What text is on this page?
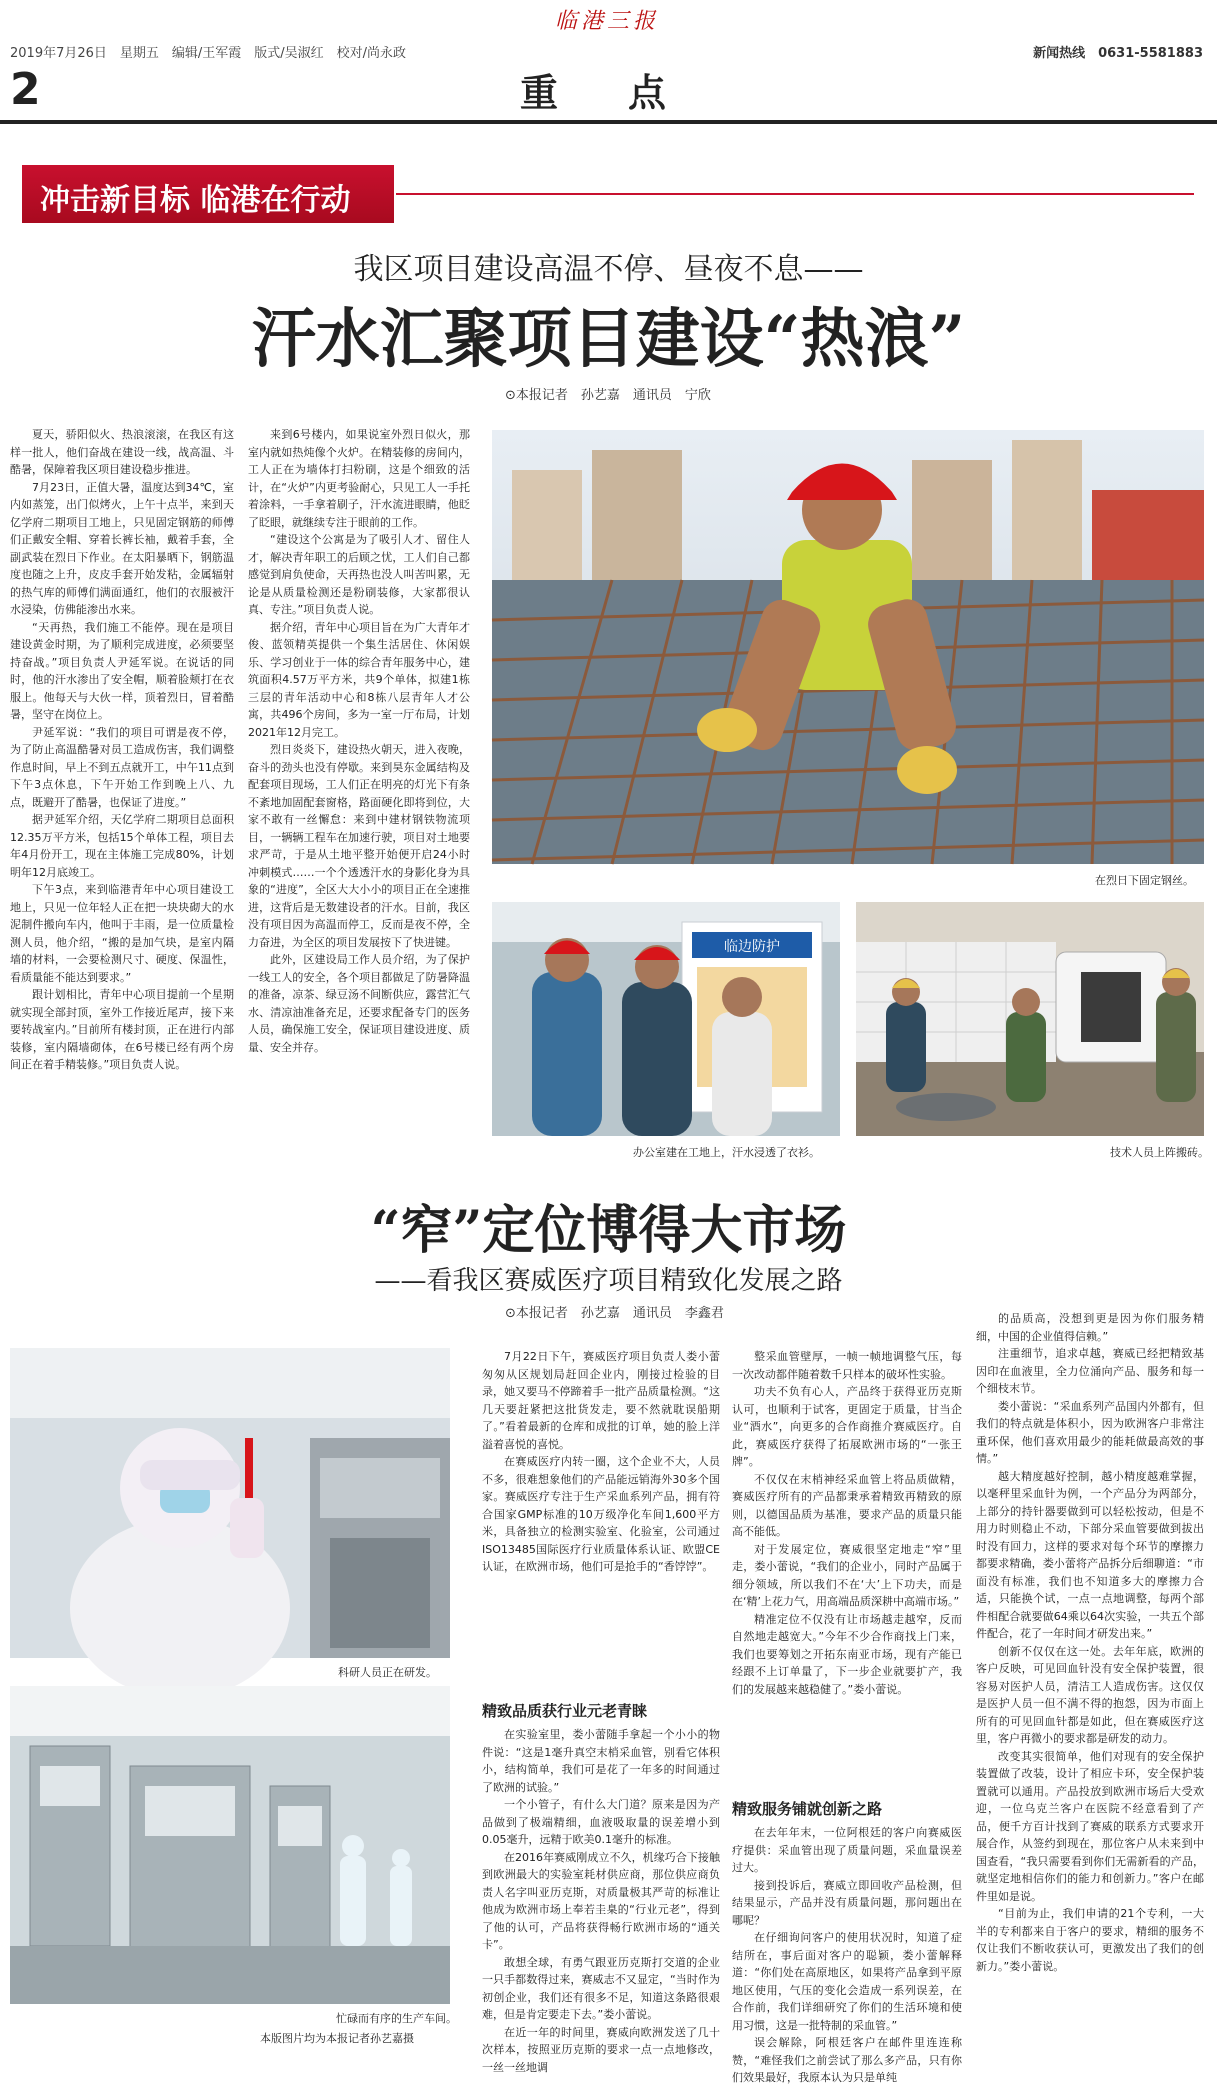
临港三报
2019年7月26日　星期五　编辑/王军霞　版式/吴淑红　校对/尚永政	新闻热线　0631-5581883
2	重点
冲击新目标 临港在行动
我区项目建设高温不停、昼夜不息——
汗水汇聚项目建设“热浪”
⊙本报记者　孙艺嘉　通讯员　宁欣

夏天，骄阳似火、热浪滚滚，在我区有这样一批人，他们奋战在建设一线，战高温、斗酷暑，保障着我区项目建设稳步推进。

7月23日，正值大暑，温度达到34℃，室内如蒸笼，出门似烤火，上午十点半，来到天亿学府二期项目工地上，只见固定钢筋的师傅们正戴安全帽、穿着长裤长袖，戴着手套，全副武装在烈日下作业。在太阳暴晒下，钢筋温度也随之上升，皮皮手套开始发粘，金属辐射的热气库的师傅们满面通红，他们的衣服被汗水浸染，仿佛能渗出水来。

“天再热，我们施工不能停。现在是项目建设黄金时期，为了顺利完成进度，必须要坚持奋战。”项目负责人尹延军说。在说话的同时，他的汗水渗出了安全帽，顺着脸颊打在衣服上。他每天与大伙一样，顶着烈日，冒着酷暑，坚守在岗位上。

尹延军说：“我们的项目可谓是夜不停，为了防止高温酷暑对员工造成伤害，我们调整作息时间，早上不到五点就开工，中午11点到下午3点休息，下午开始工作到晚上八、九点，既避开了酷暑，也保证了进度。”

据尹延军介绍，天亿学府二期项目总面积12.35万平方米，包括15个单体工程，项目去年4月份开工，现在主体施工完成80%，计划明年12月底竣工。

下午3点，来到临港青年中心项目建设工地上，只见一位年轻人正在把一块块砌大的水泥制件搬向车内，他叫于丰雨，是一位质量检测人员，他介绍，“搬的是加气块，是室内隔墙的材料，一会要检测尺寸、硬度、保温性，看质量能不能达到要求。”

跟计划相比，青年中心项目提前一个星期就实现全部封顶，室外工作接近尾声，接下来要转战室内。”目前所有楼封顶，正在进行内部装修，室内隔墙砌体，在6号楼已经有两个房间正在着手精装修。”项目负责人说。

来到6号楼内，如果说室外烈日似火，那室内就如热炖像个火炉。在精装修的房间内，工人正在为墙体打扫粉刷，这是个细致的活计，在“火炉”内更考验耐心，只见工人一手托着涂料，一手拿着刷子，汗水流进眼睛，他眨了眨眼，就继续专注于眼前的工作。

“建设这个公寓是为了吸引人才、留住人才，解决青年职工的后顾之忧，工人们自己都感觉到肩负使命，天再热也没人叫苦叫累，无论是从质量检测还是粉刷装修，大家都很认真、专注。”项目负责人说。

据介绍，青年中心项目旨在为广大青年才俊、蓝领精英提供一个集生活居住、休闲娱乐、学习创业于一体的综合青年服务中心，建筑面积4.57万平方米，共9个单体，拟建1栋三层的青年活动中心和8栋八层青年人才公寓，共496个房间，多为一室一厅布局，计划2021年12月完工。

烈日炎炎下，建设热火朝天，进入夜晚，奋斗的劲头也没有停歇。来到昊东金属结构及配套项目现场，工人们正在明亮的灯光下有条不紊地加固配套窗格，路面硬化即将到位，大家不敢有一丝懈怠：来到中建材钢铁物流项目，一辆辆工程车在加速行驶，项目对土地要求严苛，于是从土地平整开始便开启24小时冲刺模式……一个个透透汗水的身影化身为具象的“进度”，全区大大小小的项目正在全速推进，这背后是无数建设者的汗水。目前，我区没有项目因为高温而停工，反而是夜不停，全力奋进，为全区的项目发展按下了快进键。

此外，区建设局工作人员介绍，为了保护一线工人的安全，各个项目都做足了防暑降温的准备，凉茶、绿豆汤不间断供应，露营汇气水、清凉油准备充足，还要求配备专门的医务人员，确保施工安全，保证项目建设进度、质量、安全并存。

在烈日下固定钢丝。
临边防护
办公室建在工地上，汗水浸透了衣衫。	技术人员上阵搬砖。
“窄”定位博得大市场
——看我区赛威医疗项目精致化发展之路
⊙本报记者　孙艺嘉　通讯员　李鑫君
科研人员正在研发。
忙碌而有序的生产车间。
本版图片均为本报记者孙艺嘉摄

7月22日下午，赛威医疗项目负责人娄小蕾匆匆从区规划局赶回企业内，刚接过检验的目录，她又要马不停蹄着手一批产品质量检测。“这几天要赶紧把这批货发走，要不然就耽误船期了。”看着最新的仓库和成批的订单，她的脸上洋溢着喜悦的喜悦。

在赛威医疗内转一圈，这个企业不大，人员不多，很难想象他们的产品能远销海外30多个国家。赛威医疗专注于生产采血系列产品，拥有符合国家GMP标准的10万级净化车间1,600平方米，具备独立的检测实验室、化验室，公司通过ISO13485国际医疗行业质量体系认证、欧盟CE认证，在欧洲市场，他们可是抢手的“香饽饽”。

精致品质获行业元老青睐

在实验室里，娄小蕾随手拿起一个小小的物件说：“这是1毫升真空末梢采血管，别看它体积小，结构简单，我们可是花了一年多的时间通过了欧洲的试验。”

一个小管子，有什么大门道？原来是因为产品做到了极端精细，血液吸取量的误差增小到0.05毫升，远精于欧美0.1毫升的标准。

在2016年赛威刚成立不久，机缘巧合下接触到欧洲最大的实验室耗材供应商，那位供应商负责人名字叫亚历克斯，对质量极其严苛的标准让他成为欧洲市场上奉若圭臬的“行业元老”，得到了他的认可，产品将获得畅行欧洲市场的“通关卡”。

敢想全球，有勇气跟亚历克斯打交道的企业一只手都数得过来，赛威志不又显定，“当时作为初创企业，我们还有很多不足，知道这条路很艰难，但是肯定要走下去。”娄小蕾说。

在近一年的时间里，赛威向欧洲发送了几十次样本，按照亚历克斯的要求一点一点地修改，一丝一丝地调

整采血管壁厚，一帧一帧地调整气压，每一次改动都伴随着数千只样本的破坏性实验。

功夫不负有心人，产品终于获得亚历克斯认可，也顺利于试客，更固定于质量，甘当企业“酒水”，向更多的合作商推介赛威医疗。自此，赛威医疗获得了拓展欧洲市场的“一张王牌”。

不仅仅在末梢神经采血管上将品质做精，赛威医疗所有的产品都秉承着精致再精致的原则，以德国品质为基准，要求产品的质量只能高不能低。

对于发展定位，赛威很坚定地走“窄”里走，娄小蕾说，“我们的企业小，同时产品属于细分领域，所以我们不在‘大’上下功夫，而是在‘精’上花力气，用高端品质深耕中高端市场。”

精准定位不仅没有让市场越走越窄，反而自然地走越宽大。”今年不少合作商找上门来，我们也要筹划之开拓东南亚市场，现有产能已经跟不上订单量了，下一步企业就要扩产，我们的发展越来越稳健了。”娄小蕾说。

精致服务铺就创新之路

在去年年末，一位阿根廷的客户向赛威医疗提供：采血管出现了质量问题，采血量误差过大。

接到投诉后，赛威立即回收产品检测，但结果显示，产品并没有质量问题，那问题出在哪呢？

在仔细询问客户的使用状况时，知道了症结所在，事后面对客户的聪颖，娄小蕾解释道：“你们处在高原地区，如果将产品拿到平原地区使用，气压的变化会造成一系列误差，在合作前，我们详细研究了你们的生活环境和使用习惯，这是一批特制的采血管。”

误会解除，阿根廷客户在邮件里连连称赞，“难怪我们之前尝试了那么多产品，只有你们效果最好，我原本认为只是单纯

的品质高，没想到更是因为你们服务精细，中国的企业值得信赖。”

注重细节，追求卓越，赛威已经把精致基因印在血液里，全力位涌向产品、服务和每一个细枝末节。

娄小蕾说：“采血系列产品国内外都有，但我们的特点就是体积小，因为欧洲客户非常注重环保，他们喜欢用最少的能耗做最高效的事情。”

越大精度越好控制，越小精度越难掌握，以毫秤里采血针为例，一个产品分为两部分，上部分的持针器要做到可以轻松按动，但是不用力时则稳止不动，下部分采血管要做到拔出时没有回力，这样的要求对每个环节的摩擦力都要求精确，娄小蕾将产品拆分后细聊道：“市面没有标准，我们也不知道多大的摩擦力合适，只能换个试，一点一点地调整，每两个部件相配合就要做64乘以64次实验，一共五个部件配合，花了一年时间才研发出来。”

创新不仅仅在这一处。去年年底，欧洲的客户反映，可见回血针没有安全保护装置，很容易对医护人员，清洁工人造成伤害。这仅仅是医护人员一但不满不得的抱怨，因为市面上所有的可见回血针都是如此，但在赛威医疗这里，客户再微小的要求都是研发的动力。

改变其实很简单，他们对现有的安全保护装置做了改装，设计了相应卡环，安全保护装置就可以通用。产品投放到欧洲市场后大受欢迎，一位乌克兰客户在医院不经意看到了产品，便千方百计找到了赛威的联系方式要求开展合作，从签约到现在，那位客户从未来到中国查看，“我只需要看到你们无需新看的产品，就坚定地相信你们的能力和创新力。”客户在邮件里如是说。

“目前为止，我们申请的21个专利，一大半的专利都来自于客户的要求，精细的服务不仅让我们不断收获认可，更激发出了我们的创新力。”娄小蕾说。
